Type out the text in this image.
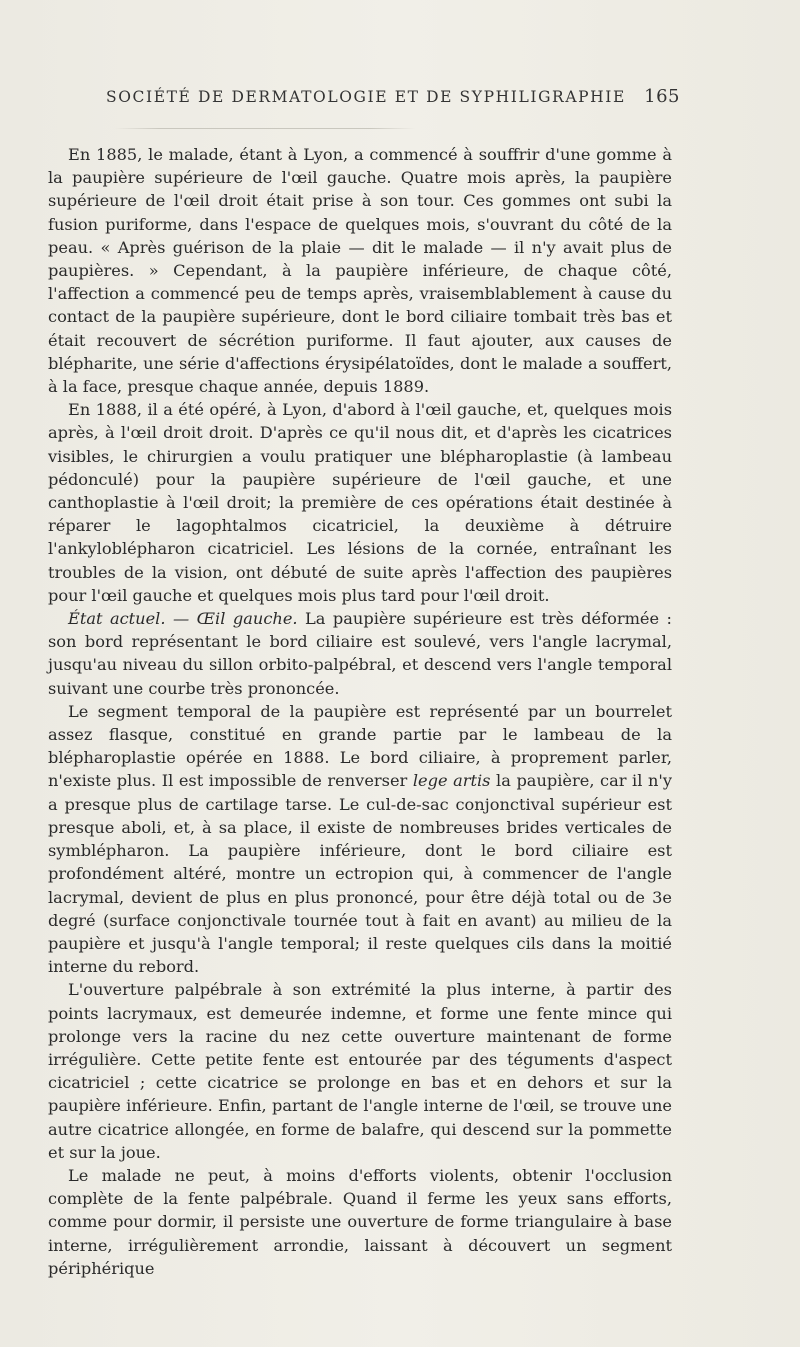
SOCIÉTÉ DE DERMATOLOGIE ET DE SYPHILIGRAPHIE 165

En 1885, le malade, étant à Lyon, a commencé à souffrir d'une gomme à la paupière supérieure de l'œil gauche. Quatre mois après, la paupière supérieure de l'œil droit était prise à son tour. Ces gommes ont subi la fusion puriforme, dans l'espace de quelques mois, s'ouvrant du côté de la peau. « Après guérison de la plaie — dit le malade — il n'y avait plus de paupières. » Cependant, à la paupière inférieure, de chaque côté, l'affection a commencé peu de temps après, vraisemblablement à cause du contact de la paupière supérieure, dont le bord ciliaire tombait très bas et était recouvert de sécrétion puriforme. Il faut ajouter, aux causes de blépharite, une série d'affections érysipélatoïdes, dont le malade a souffert, à la face, presque chaque année, depuis 1889.

En 1888, il a été opéré, à Lyon, d'abord à l'œil gauche, et, quelques mois après, à l'œil droit droit. D'après ce qu'il nous dit, et d'après les cicatrices visibles, le chirurgien a voulu pratiquer une blépharoplastie (à lambeau pédonculé) pour la paupière supérieure de l'œil gauche, et une canthoplastie à l'œil droit; la première de ces opérations était destinée à réparer le lagophtalmos cicatriciel, la deuxième à détruire l'ankyloblépharon cicatriciel. Les lésions de la cornée, entraînant les troubles de la vision, ont débuté de suite après l'affection des paupières pour l'œil gauche et quelques mois plus tard pour l'œil droit.

État actuel. — Œil gauche. La paupière supérieure est très déformée : son bord représentant le bord ciliaire est soulevé, vers l'angle lacrymal, jusqu'au niveau du sillon orbito-palpébral, et descend vers l'angle temporal suivant une courbe très prononcée.

Le segment temporal de la paupière est représenté par un bourrelet assez flasque, constitué en grande partie par le lambeau de la blépharoplastie opérée en 1888. Le bord ciliaire, à proprement parler, n'existe plus. Il est impossible de renverser lege artis la paupière, car il n'y a presque plus de cartilage tarse. Le cul-de-sac conjonctival supérieur est presque aboli, et, à sa place, il existe de nombreuses brides verticales de symblépharon. La paupière inférieure, dont le bord ciliaire est profondément altéré, montre un ectropion qui, à commencer de l'angle lacrymal, devient de plus en plus prononcé, pour être déjà total ou de 3e degré (surface conjonctivale tournée tout à fait en avant) au milieu de la paupière et jusqu'à l'angle temporal; il reste quelques cils dans la moitié interne du rebord.

L'ouverture palpébrale à son extrémité la plus interne, à partir des points lacrymaux, est demeurée indemne, et forme une fente mince qui prolonge vers la racine du nez cette ouverture maintenant de forme irrégulière. Cette petite fente est entourée par des téguments d'aspect cicatriciel ; cette cicatrice se prolonge en bas et en dehors et sur la paupière inférieure. Enfin, partant de l'angle interne de l'œil, se trouve une autre cicatrice allongée, en forme de balafre, qui descend sur la pommette et sur la joue.

Le malade ne peut, à moins d'efforts violents, obtenir l'occlusion complète de la fente palpébrale. Quand il ferme les yeux sans efforts, comme pour dormir, il persiste une ouverture de forme triangulaire à base interne, irrégulièrement arrondie, laissant à découvert un segment périphérique
